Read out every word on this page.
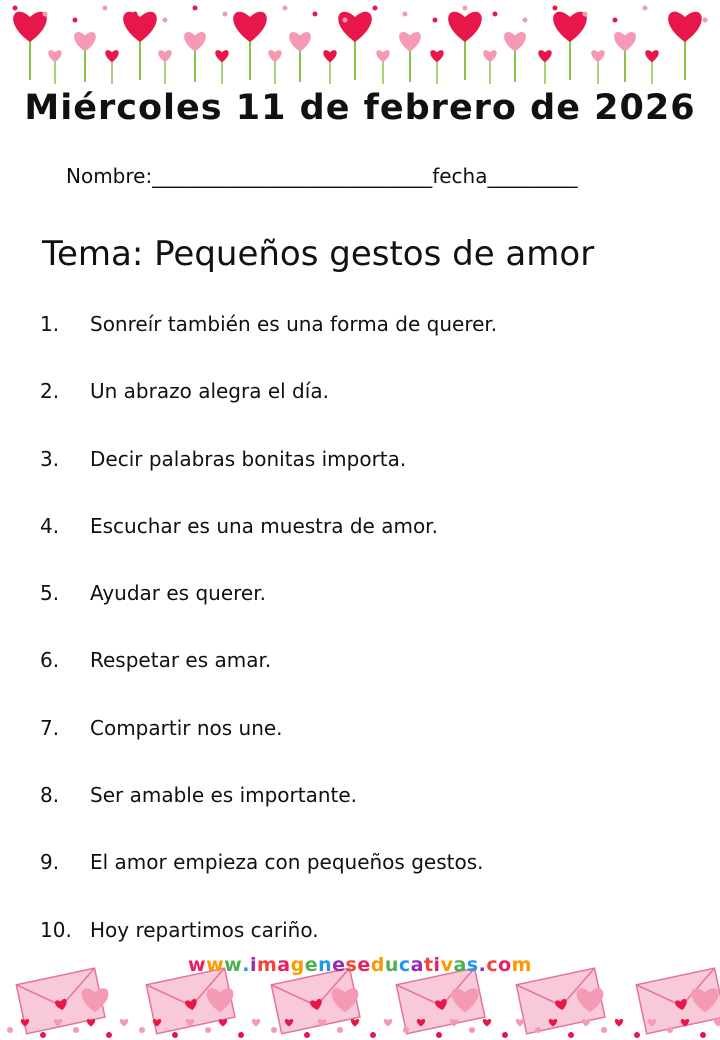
Miércoles 11 de febrero de 2026
Nombre:____________________________fecha_________
Tema: Pequeños gestos de amor
1.	Sonreír también es una forma de querer.
2.	Un abrazo alegra el día.
3.	Decir palabras bonitas importa.
4.	Escuchar es una muestra de amor.
5.	Ayudar es querer.
6.	Respetar es amar.
7.	Compartir nos une.
8.	Ser amable es importante.
9.	El amor empieza con pequeños gestos.
10. Hoy repartimos cariño.
www.imageneseducativas.com
